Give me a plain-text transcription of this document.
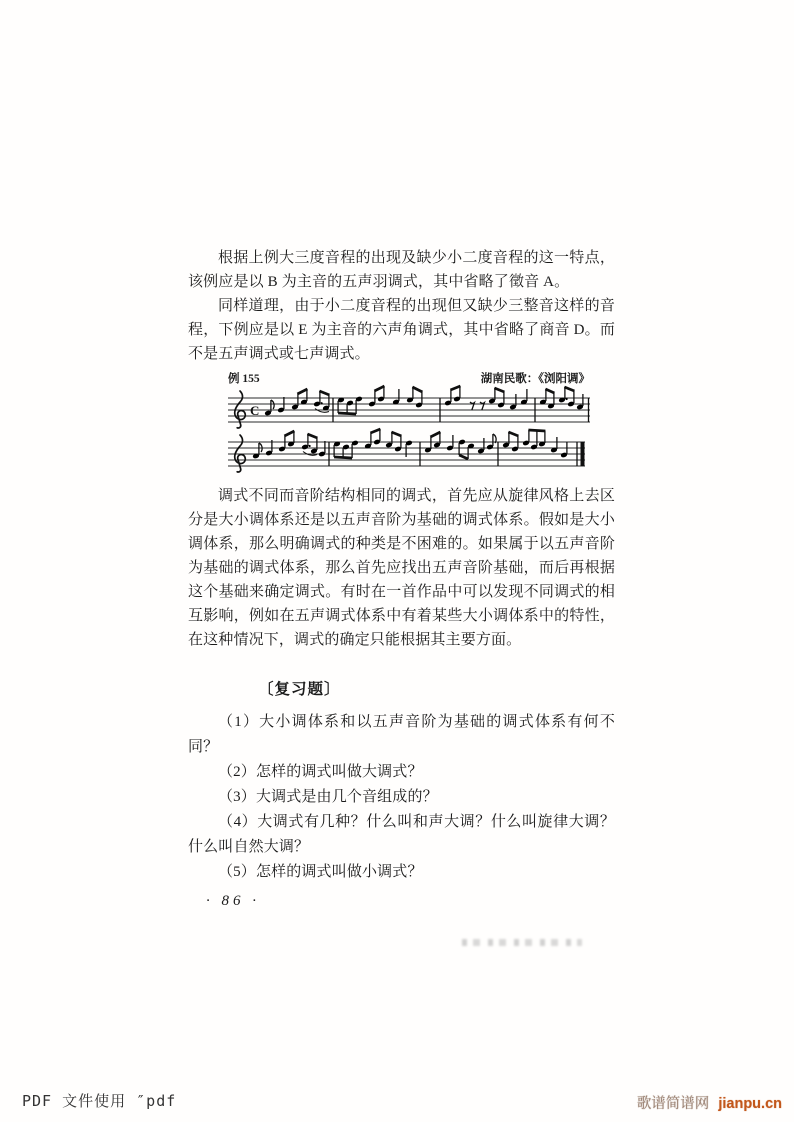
根据上例大三度音程的出现及缺少小二度音程的这一特点，该例应是以 B 为主音的五声羽调式，其中省略了徵音 A。

同样道理，由于小二度音程的出现但又缺少三整音这样的音程，下例应是以 E 为主音的六声角调式，其中省略了商音 D。而不是五声调式或七声调式。

例 155	湖南民歌：《浏阳调》
C

调式不同而音阶结构相同的调式，首先应从旋律风格上去区分是大小调体系还是以五声音阶为基础的调式体系。假如是大小调体系，那么明确调式的种类是不困难的。如果属于以五声音阶为基础的调式体系，那么首先应找出五声音阶基础，而后再根据这个基础来确定调式。有时在一首作品中可以发现不同调式的相互影响，例如在五声调式体系中有着某些大小调体系中的特性，在这种情况下，调式的确定只能根据其主要方面。

〔复习题〕

（1）大小调体系和以五声音阶为基础的调式体系有何不同？

（2）怎样的调式叫做大调式？

（3）大调式是由几个音组成的？

（4）大调式有几种？什么叫和声大调？什么叫旋律大调？什么叫自然大调？

（5）怎样的调式叫做小调式？

· 86 ·
PDF 文件使用 ″pdf	歌谱简谱网 jianpu.cn
